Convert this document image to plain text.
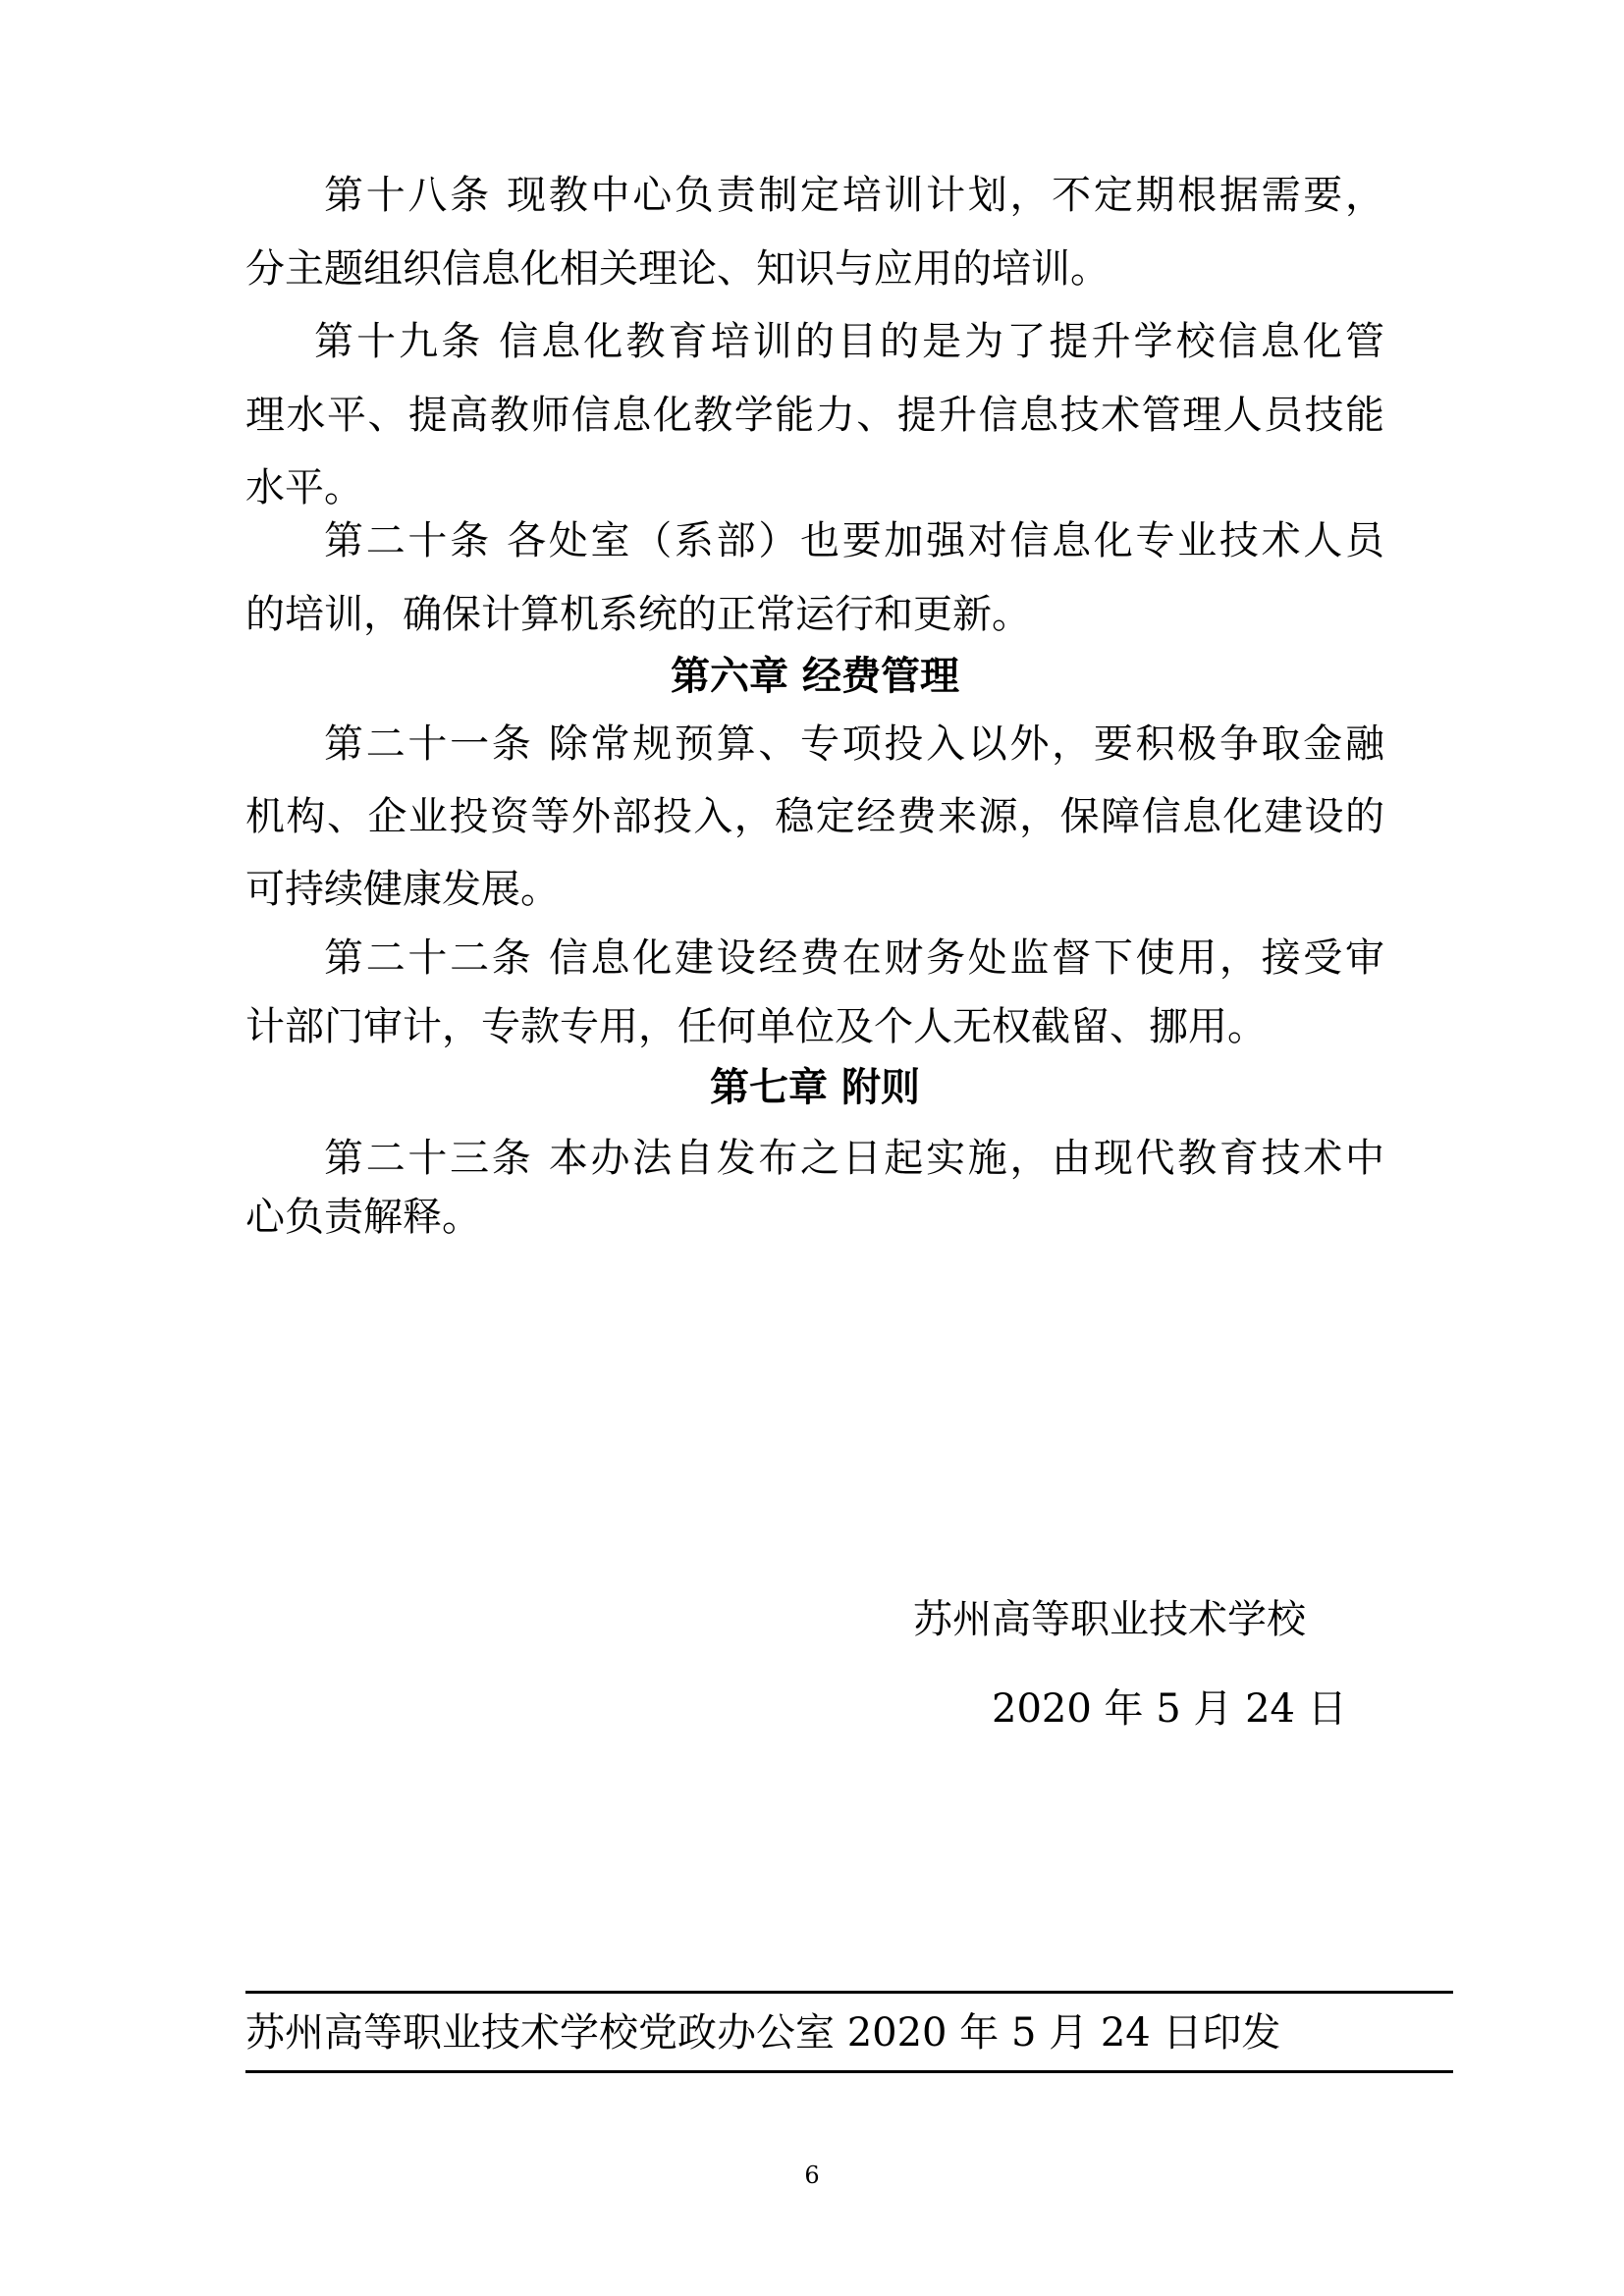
第十八条 现教中心负责制定培训计划，不定期根据需要，
分主题组织信息化相关理论、知识与应用的培训。
第十九条 信息化教育培训的目的是为了提升学校信息化管
理水平、提高教师信息化教学能力、提升信息技术管理人员技能
水平。
第二十条 各处室（系部）也要加强对信息化专业技术人员
的培训，确保计算机系统的正常运行和更新。
第六章 经费管理
第二十一条 除常规预算、专项投入以外，要积极争取金融
机构、企业投资等外部投入，稳定经费来源，保障信息化建设的
可持续健康发展。
第二十二条 信息化建设经费在财务处监督下使用，接受审
计部门审计，专款专用，任何单位及个人无权截留、挪用。
第七章 附则
第二十三条 本办法自发布之日起实施，由现代教育技术中
心负责解释。
苏州高等职业技术学校
2020 年 5 月 24 日
苏州高等职业技术学校党政办公室 2020 年 5 月 24 日印发
6
